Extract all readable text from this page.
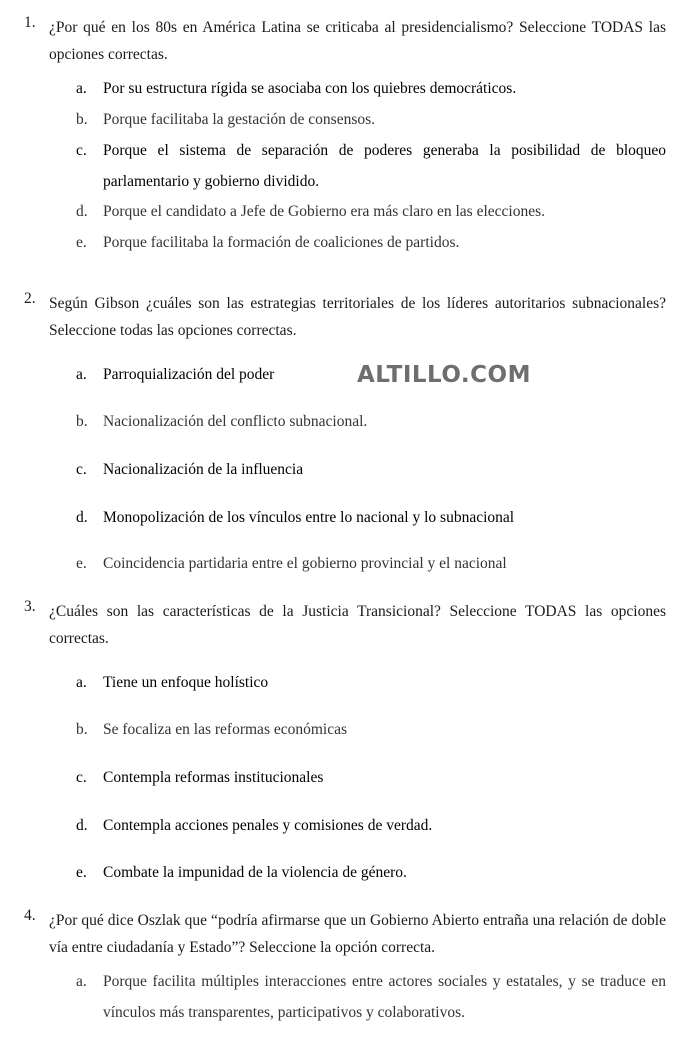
1. ¿Por qué en los 80s en América Latina se criticaba al presidencialismo? Seleccione TODAS las opciones correctas.
a.	Por su estructura rígida se asociaba con los quiebres democráticos.
b. Porque facilitaba la gestación de consensos.
c.	Porque el sistema de separación de poderes generaba la posibilidad de bloqueo parlamentario y gobierno dividido.
d. Porque el candidato a Jefe de Gobierno era más claro en las elecciones.
e.	Porque facilitaba la formación de coaliciones de partidos.
2. Según Gibson ¿cuáles son las estrategias territoriales de los líderes autoritarios subnacionales? Seleccione todas las opciones correctas.
a.	Parroquialización del poder
b. Nacionalización del conflicto subnacional.
c.	Nacionalización de la influencia
d. Monopolización de los vínculos entre lo nacional y lo subnacional
e.	Coincidencia partidaria entre el gobierno provincial y el nacional
ALTILLO.COM
3. ¿Cuáles son las características de la Justicia Transicional? Seleccione TODAS las opciones correctas.
a.	Tiene un enfoque holístico
b. Se focaliza en las reformas económicas
c.	Contempla reformas institucionales
d. Contempla acciones penales y comisiones de verdad.
e.	Combate la impunidad de la violencia de género.
4. ¿Por qué dice Oszlak que “podría afirmarse que un Gobierno Abierto entraña una relación de doble vía entre ciudadanía y Estado”? Seleccione la opción correcta.
a.	Porque facilita múltiples interacciones entre actores sociales y estatales, y se traduce en vínculos más transparentes, participativos y colaborativos.
